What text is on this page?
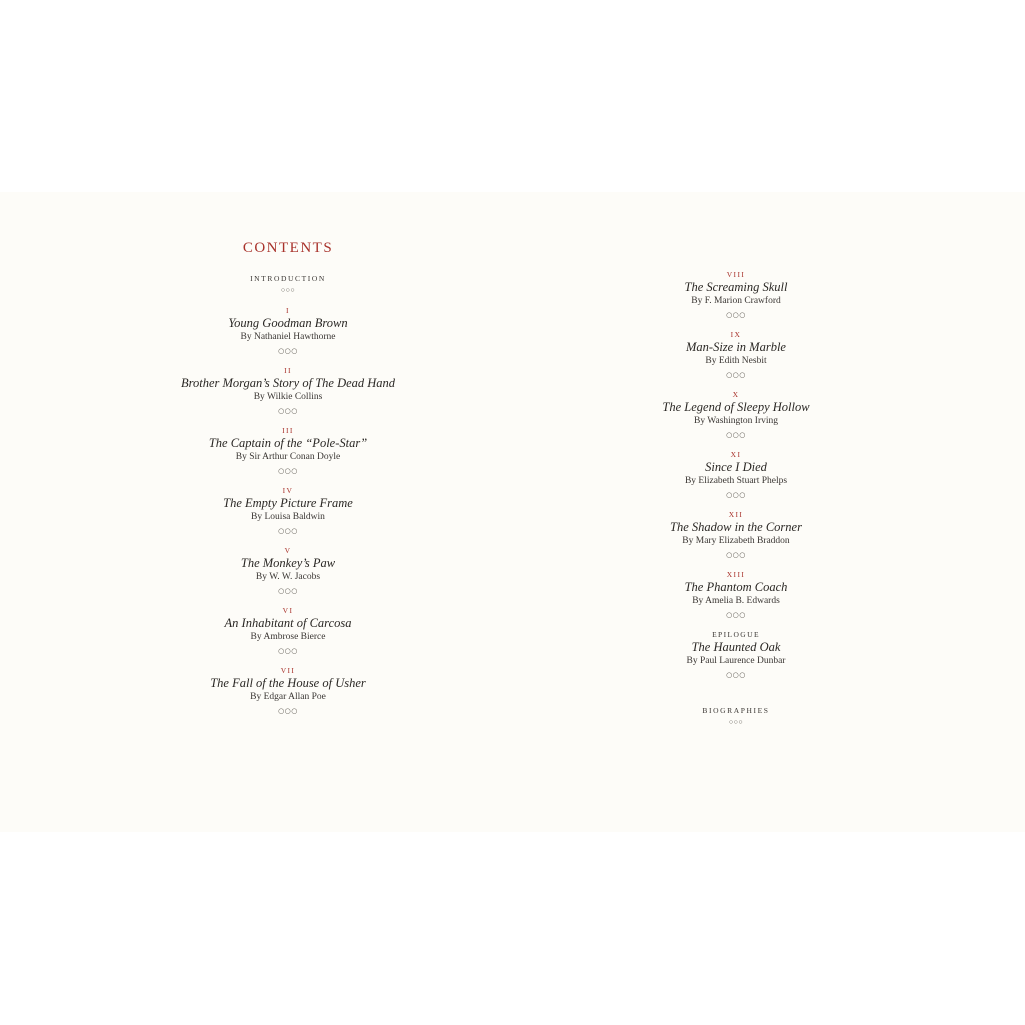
CONTENTS
INTRODUCTION
○○○
I
Young Goodman Brown
By Nathaniel Hawthorne
○○○
II
Brother Morgan’s Story of The Dead Hand
By Wilkie Collins
○○○
III
The Captain of the “Pole-Star”
By Sir Arthur Conan Doyle
○○○
IV
The Empty Picture Frame
By Louisa Baldwin
○○○
V
The Monkey’s Paw
By W. W. Jacobs
○○○
VI
An Inhabitant of Carcosa
By Ambrose Bierce
○○○
VII
The Fall of the House of Usher
By Edgar Allan Poe
○○○
VIII
The Screaming Skull
By F. Marion Crawford
○○○
IX
Man-Size in Marble
By Edith Nesbit
○○○
X
The Legend of Sleepy Hollow
By Washington Irving
○○○
XI
Since I Died
By Elizabeth Stuart Phelps
○○○
XII
The Shadow in the Corner
By Mary Elizabeth Braddon
○○○
XIII
The Phantom Coach
By Amelia B. Edwards
○○○
EPILOGUE
The Haunted Oak
By Paul Laurence Dunbar
○○○
BIOGRAPHIES
○○○
